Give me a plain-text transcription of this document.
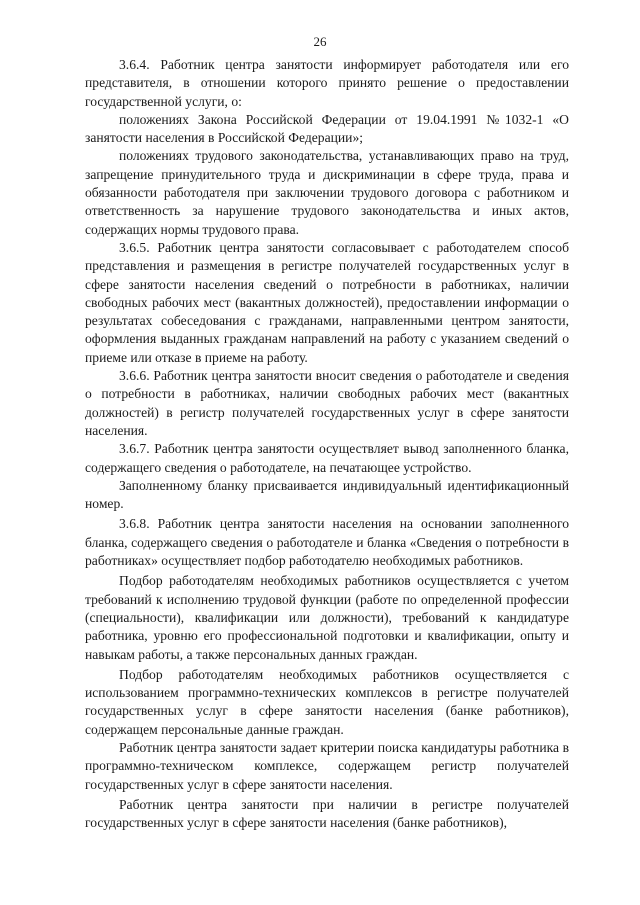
26

3.6.4. Работник центра занятости информирует работодателя или его представителя, в отношении которого принято решение о предоставлении государственной услуги, о:

положениях Закона Российской Федерации от 19.04.1991 №1032-1 «О занятости населения в Российской Федерации»;

положениях трудового законодательства, устанавливающих право на труд, запрещение принудительного труда и дискриминации в сфере труда, права и обязанности работодателя при заключении трудового договора с работником и ответственность за нарушение трудового законодательства и иных актов, содержащих нормы трудового права.

3.6.5. Работник центра занятости согласовывает с работодателем способ представления и размещения в регистре получателей государственных услуг в сфере занятости населения сведений о потребности в работниках, наличии свободных рабочих мест (вакантных должностей), предоставлении информации о результатах собеседования с гражданами, направленными центром занятости, оформления выданных гражданам направлений на работу с указанием сведений о приеме или отказе в приеме на работу.

3.6.6. Работник центра занятости вносит сведения о работодателе и сведения о потребности в работниках, наличии свободных рабочих мест (вакантных должностей) в регистр получателей государственных услуг в сфере занятости населения.

3.6.7. Работник центра занятости осуществляет вывод заполненного бланка, содержащего сведения о работодателе, на печатающее устройство.

Заполненному бланку присваивается индивидуальный идентификационный номер.

3.6.8. Работник центра занятости населения на основании заполненного бланка, содержащего сведения о работодателе и бланка «Сведения о потребности в работниках» осуществляет подбор работодателю необходимых работников.

Подбор работодателям необходимых работников осуществляется с учетом требований к исполнению трудовой функции (работе по определенной профессии (специальности), квалификации или должности), требований к кандидатуре работника, уровню его профессиональной подготовки и квалификации, опыту и навыкам работы, а также персональных данных граждан.

Подбор работодателям необходимых работников осуществляется с использованием программно-технических комплексов в регистре получателей государственных услуг в сфере занятости населения (банке работников), содержащем персональные данные граждан.

Работник центра занятости задает критерии поиска кандидатуры работника в программно-техническом комплексе, содержащем регистр получателей государственных услуг в сфере занятости населения.

Работник центра занятости при наличии в регистре получателей государственных услуг в сфере занятости населения (банке работников),
